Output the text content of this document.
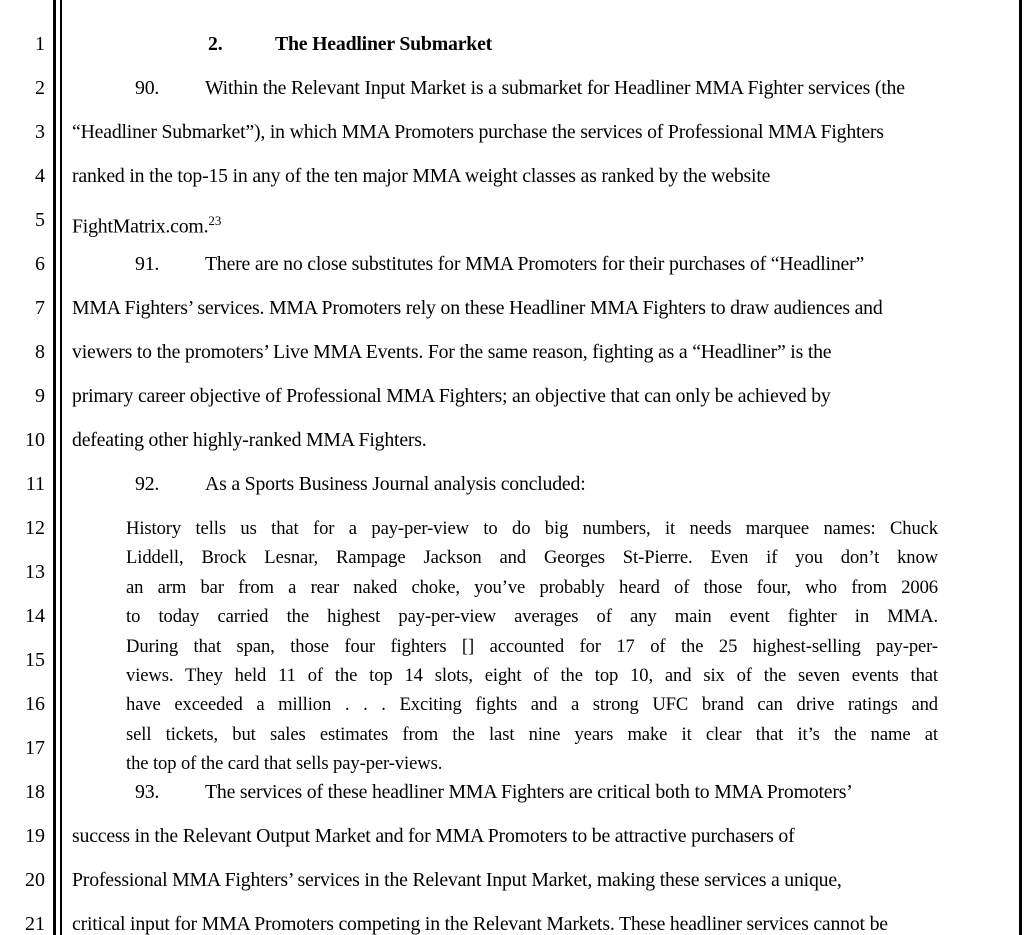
1
2
3
4
5
6
7
8
9
10
11
12
13
14
15
16
17
18
19
20
21
2.	The Headliner Submarket
90. Within the Relevant Input Market is a submarket for Headliner MMA Fighter services (the
“Headliner Submarket”), in which MMA Promoters purchase the services of Professional MMA Fighters
ranked in the top-15 in any of the ten major MMA weight classes as ranked by the website
FightMatrix.com.$^{23}$
91. There are no close substitutes for MMA Promoters for their purchases of “Headliner”
MMA Fighters’ services. MMA Promoters rely on these Headliner MMA Fighters to draw audiences and
viewers to the promoters’ Live MMA Events. For the same reason, fighting as a “Headliner” is the
primary career objective of Professional MMA Fighters; an objective that can only be achieved by
defeating other highly-ranked MMA Fighters.
92. As a Sports Business Journal analysis concluded:
History tells us that for a pay-per-view to do big numbers, it needs marquee names: Chuck
Liddell, Brock Lesnar, Rampage Jackson and Georges St-Pierre. Even if you don’t know
an arm bar from a rear naked choke, you’ve probably heard of those four, who from 2006
to today carried the highest pay-per-view averages of any main event fighter in MMA.
During that span, those four fighters [] accounted for 17 of the 25 highest-selling pay-per-
views. They held 11 of the top 14 slots, eight of the top 10, and six of the seven events that
have exceeded a million . . . Exciting fights and a strong UFC brand can drive ratings and
sell tickets, but sales estimates from the last nine years make it clear that it’s the name at
the top of the card that sells pay-per-views.
93. The services of these headliner MMA Fighters are critical both to MMA Promoters’
success in the Relevant Output Market and for MMA Promoters to be attractive purchasers of
Professional MMA Fighters’ services in the Relevant Input Market, making these services a unique,
critical input for MMA Promoters competing in the Relevant Markets. These headliner services cannot be
